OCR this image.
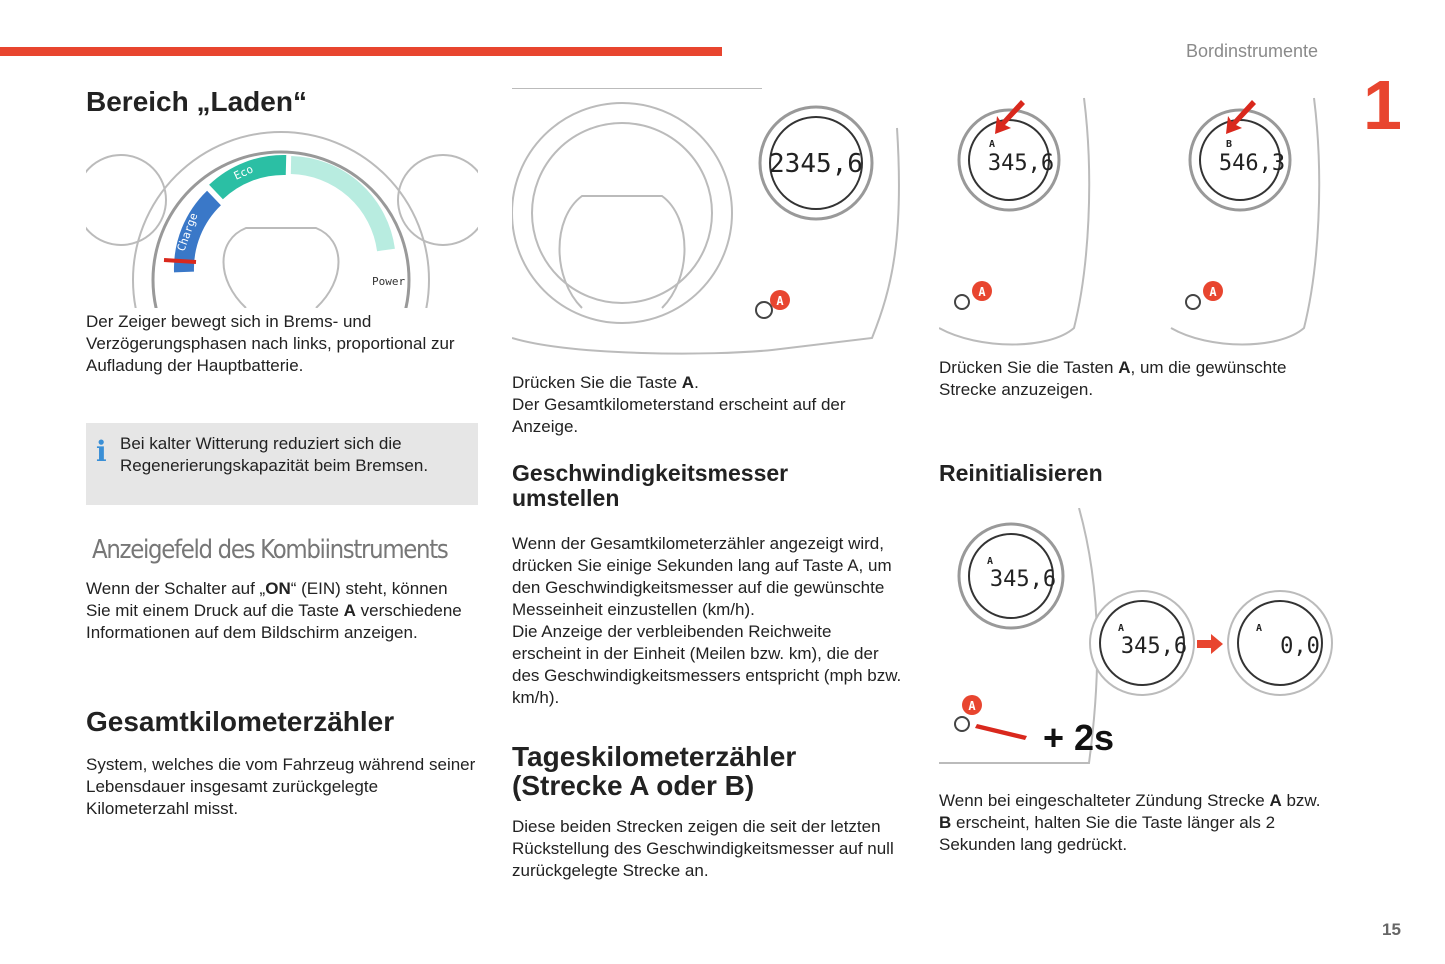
Bordinstrumente
1
15
Bereich „Laden“
Charge
Eco
Power
Der Zeiger bewegt sich in Brems- und Verzögerungsphasen nach links, proportional zur Aufladung der Hauptbatterie.
i Bei kalter Witterung reduziert sich die Regenerierungskapazität beim Bremsen.
Anzeigefeld des Kombiinstruments
Wenn der Schalter auf „ON“ (EIN) steht, können Sie mit einem Druck auf die Taste A verschiedene Informationen auf dem Bildschirm anzeigen.
Gesamtkilometerzähler
System, welches die vom Fahrzeug während seiner Lebensdauer insgesamt zurückgelegte Kilometerzahl misst.
2345,6
A
Drücken Sie die Taste A.
Der Gesamtkilometerstand erscheint auf der Anzeige.
Geschwindigkeitsmesser umstellen
Wenn der Gesamtkilometerzähler angezeigt wird, drücken Sie einige Sekunden lang auf Taste A, um den Geschwindigkeitsmesser auf die gewünschte Messeinheit einzustellen (km/h).
Die Anzeige der verbleibenden Reichweite erscheint in der Einheit (Meilen bzw. km), die der des Geschwindigkeitsmessers entspricht (mph bzw. km/h).
Tageskilometerzähler (Strecke A oder B)
Diese beiden Strecken zeigen die seit der letzten Rückstellung des Geschwindigkeitsmesser auf null zurückgelegte Strecke an.
A
345,6
B
546,3
A	A
Drücken Sie die Tasten A, um die gewünschte Strecke anzuzeigen.
Reinitialisieren
A
345,6
A
345,6
A
0,0
A
+ 2s
Wenn bei eingeschalteter Zündung Strecke A bzw. B erscheint, halten Sie die Taste länger als 2 Sekunden lang gedrückt.
